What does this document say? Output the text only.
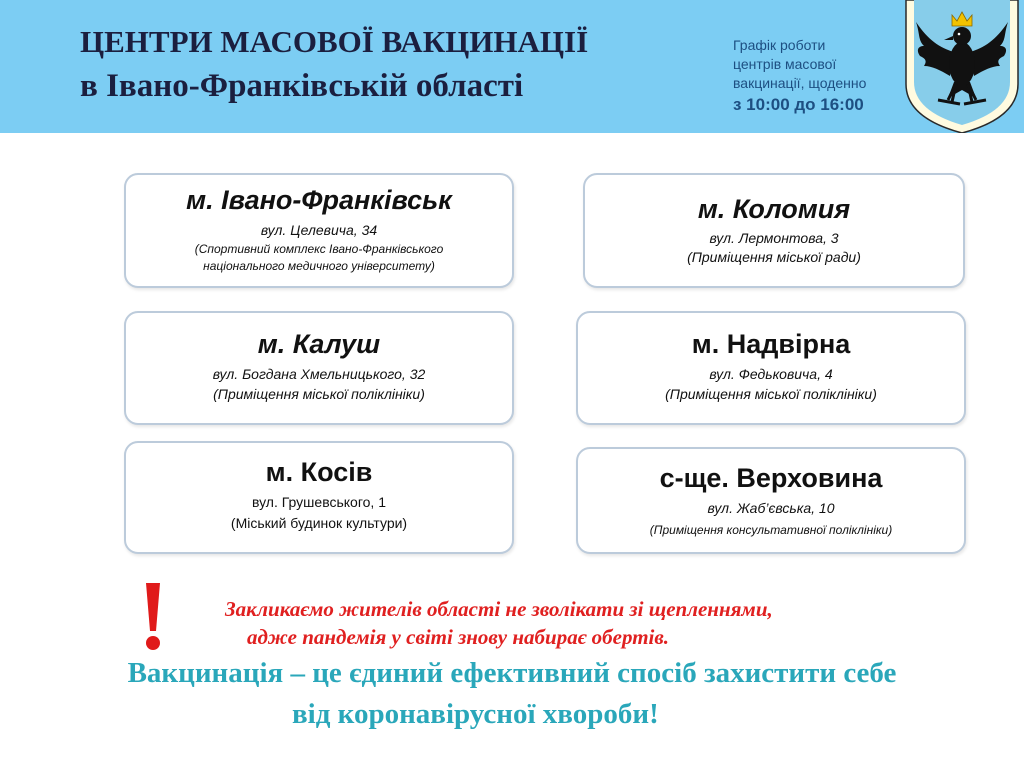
ЦЕНТРИ МАСОВОЇ ВАКЦИНАЦІЇ
в Івано-Франківській області
Графік роботи
центрів масової
вакцинації, щоденно
з 10:00 до 16:00
м. Івано-Франківськ
вул. Целевича, 34
(Спортивний комплекс Івано-Франківського
національного медичного університету)
м. Коломия
вул. Лермонтова, 3
(Приміщення міської ради)
м. Калуш
вул. Богдана Хмельницького, 32
(Приміщення міської поліклініки)
м. Надвірна
вул. Федьковича, 4
(Приміщення міської поліклініки)
м. Косів
вул. Грушевського, 1
(Міський будинок культури)
с-ще. Верховина
вул. Жаб’євська, 10
(Приміщення консультативної поліклініки)
Закликаємо жителів області не зволікати зі щепленнями,
адже пандемія у світі знову набирає обертів.
Вакцинація – це єдиний ефективний спосіб захистити себе
від коронавірусної хвороби!
